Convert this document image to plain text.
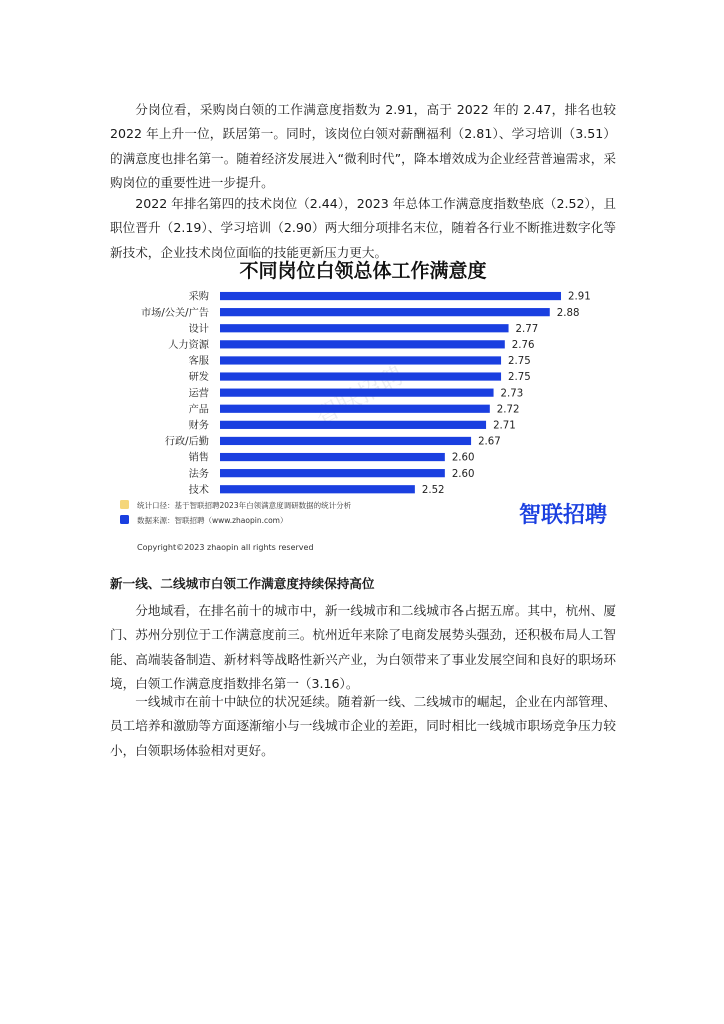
分岗位看，采购岗白领的工作满意度指数为 2.91，高于 2022 年的 2.47，排名也较 2022 年上升一位，跃居第一。同时，该岗位白领对薪酬福利（2.81）、学习培训（3.51）的满意度也排名第一。随着经济发展进入“微利时代”，降本增效成为企业经营普遍需求，采购岗位的重要性进一步提升。

2022 年排名第四的技术岗位（2.44），2023 年总体工作满意度指数垫底（2.52），且职位晋升（2.19）、学习培训（2.90）两大细分项排名末位，随着各行业不断推进数字化等新技术，企业技术岗位面临的技能更新压力更大。

不同岗位白领总体工作满意度
采购	2.91
市场/公关/广告	2.88
设计	2.77
人力资源	2.76
客服	2.75
研发	2.75
运营	2.73
产品	2.72
财务	2.71
行政/后勤	2.67
销售	2.60
法务	2.60
技术	2.52
统计口径：基于智联招聘2023年白领满意度调研数据的统计分析
数据来源：智联招聘（www.zhaopin.com）	智联招聘
Copyright©2023 zhaopin all rights reserved
新一线、二线城市白领工作满意度持续保持高位

分地域看，在排名前十的城市中，新一线城市和二线城市各占据五席。其中，杭州、厦门、苏州分别位于工作满意度前三。杭州近年来除了电商发展势头强劲，还积极布局人工智能、高端装备制造、新材料等战略性新兴产业，为白领带来了事业发展空间和良好的职场环境，白领工作满意度指数排名第一（3.16）。

一线城市在前十中缺位的状况延续。随着新一线、二线城市的崛起，企业在内部管理、员工培养和激励等方面逐渐缩小与一线城市企业的差距，同时相比一线城市职场竞争压力较小，白领职场体验相对更好。
